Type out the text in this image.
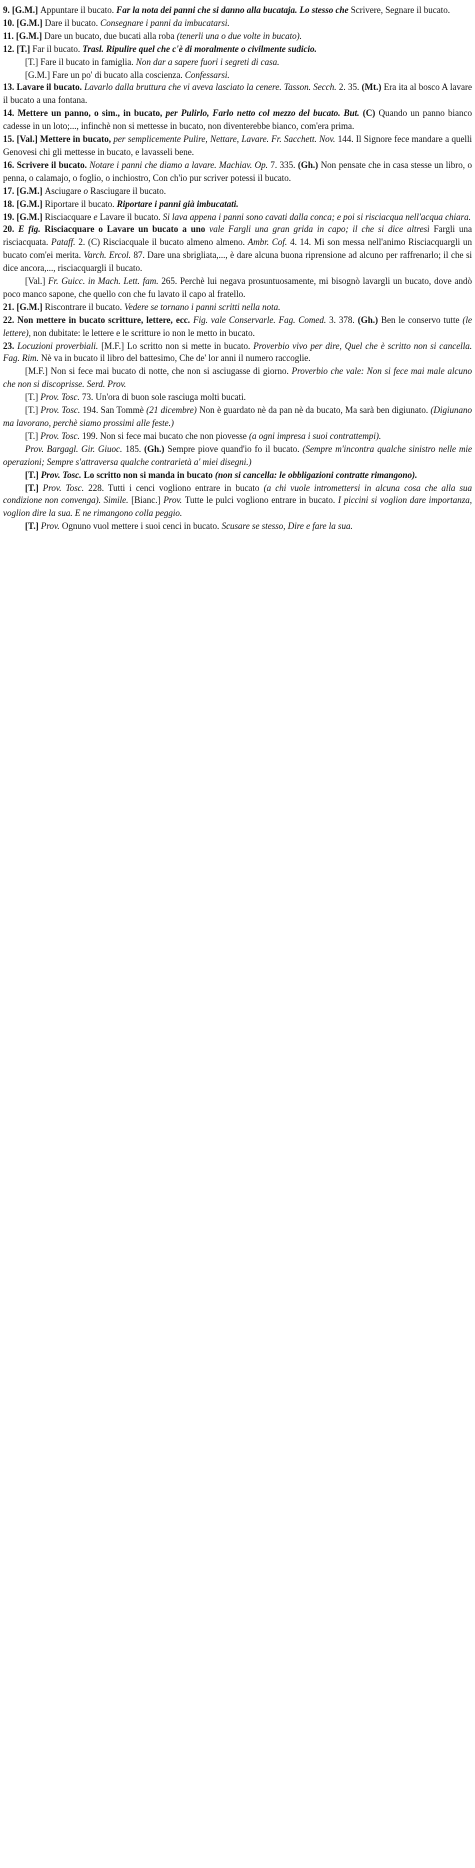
9. [G.M.] Appuntare il bucato. Far la nota dei panni che si danno alla bucataja. Lo stesso che Scrivere, Segnare il bucato.

10. [G.M.] Dare il bucato. Consegnare i panni da imbucatarsi.

11. [G.M.] Dare un bucato, due bucati alla roba (tenerli una o due volte in bucato).

12. [T.] Far il bucato. Trasl. Ripulire quel che c'è di moralmente o civilmente sudicio.

[T.] Fare il bucato in famiglia. Non dar a sapere fuori i segreti di casa.

[G.M.] Fare un po' di bucato alla coscienza. Confessarsi.

13. Lavare il bucato. Lavarlo dalla bruttura che vi aveva lasciato la cenere. Tasson. Secch. 2. 35. (Mt.) Era ita al bosco A lavare il bucato a una fontana.

14. Mettere un panno, o sim., in bucato, per Pulirlo, Farlo netto col mezzo del bucato. But. (C) Quando un panno bianco cadesse in un loto;..., infinchè non si mettesse in bucato, non diventerebbe bianco, com'era prima.

15. [Val.] Mettere in bucato, per semplicemente Pulire, Nettare, Lavare. Fr. Sacchett. Nov. 144. Il Signore fece mandare a quelli Genovesi chi gli mettesse in bucato, e lavasseli bene.

16. Scrivere il bucato. Notare i panni che diamo a lavare. Machiav. Op. 7. 335. (Gh.) Non pensate che in casa stesse un libro, o penna, o calamajo, o foglio, o inchiostro, Con ch'io pur scriver potessi il bucato.

17. [G.M.] Asciugare o Rasciugare il bucato.

18. [G.M.] Riportare il bucato. Riportare i panni già imbucatati.

19. [G.M.] Risciacquare e Lavare il bucato. Si lava appena i panni sono cavati dalla conca; e poi si risciacqua nell'acqua chiara.

20. E fig. Risciacquare o Lavare un bucato a uno vale Fargli una gran grida in capo; il che si dice altresì Fargli una risciacquata. Pataff. 2. (C) Risciacquale il bucato almeno almeno. Ambr. Cof. 4. 14. Mi son messa nell'animo Risciacquargli un bucato com'ei merita. Varch. Ercol. 87. Dare una sbrigliata,..., è dare alcuna buona riprensione ad alcuno per raffrenarlo; il che si dice ancora,..., risciacquargli il bucato.

[Val.] Fr. Guicc. in Mach. Lett. fam. 265. Perchè lui negava prosuntuosamente, mi bisognò lavargli un bucato, dove andò poco manco sapone, che quello con che fu lavato il capo al fratello.

21. [G.M.] Riscontrare il bucato. Vedere se tornano i panni scritti nella nota.

22. Non mettere in bucato scritture, lettere, ecc. Fig. vale Conservarle. Fag. Comed. 3. 378. (Gh.) Ben le conservo tutte (le lettere), non dubitate: le lettere e le scritture io non le metto in bucato.

23. Locuzioni proverbiali. [M.F.] Lo scritto non si mette in bucato. Proverbio vivo per dire, Quel che è scritto non si cancella. Fag. Rim. Nè va in bucato il libro del battesimo, Che de' lor anni il numero raccoglie.

[M.F.] Non si fece mai bucato di notte, che non si asciugasse di giorno. Proverbio che vale: Non si fece mai male alcuno che non si discoprisse. Serd. Prov.

[T.] Prov. Tosc. 73. Un'ora di buon sole rasciuga molti bucati.

[T.] Prov. Tosc. 194. San Tommè (21 dicembre) Non è guardato nè da pan nè da bucato, Ma sarà ben digiunato. (Digiunano ma lavorano, perchè siamo prossimi alle feste.)

[T.] Prov. Tosc. 199. Non si fece mai bucato che non piovesse (a ogni impresa i suoi contrattempi).

Prov. Bargagl. Gir. Giuoc. 185. (Gh.) Sempre piove quand'io fo il bucato. (Sempre m'incontra qualche sinistro nelle mie operazioni; Sempre s'attraversa qualche contrarietà a' miei disegni.)

[T.] Prov. Tosc. Lo scritto non si manda in bucato (non si cancella: le obbligazioni contratte rimangono).

[T.] Prov. Tosc. 228. Tutti i cenci vogliono entrare in bucato (a chi vuole intromettersi in alcuna cosa che alla sua condizione non convenga). Simile. [Bianc.] Prov. Tutte le pulci vogliono entrare in bucato. I piccini si voglion dare importanza, voglion dire la sua. E ne rimangono colla peggio.

[T.] Prov. Ognuno vuol mettere i suoi cenci in bucato. Scusare se stesso, Dire e fare la sua.
